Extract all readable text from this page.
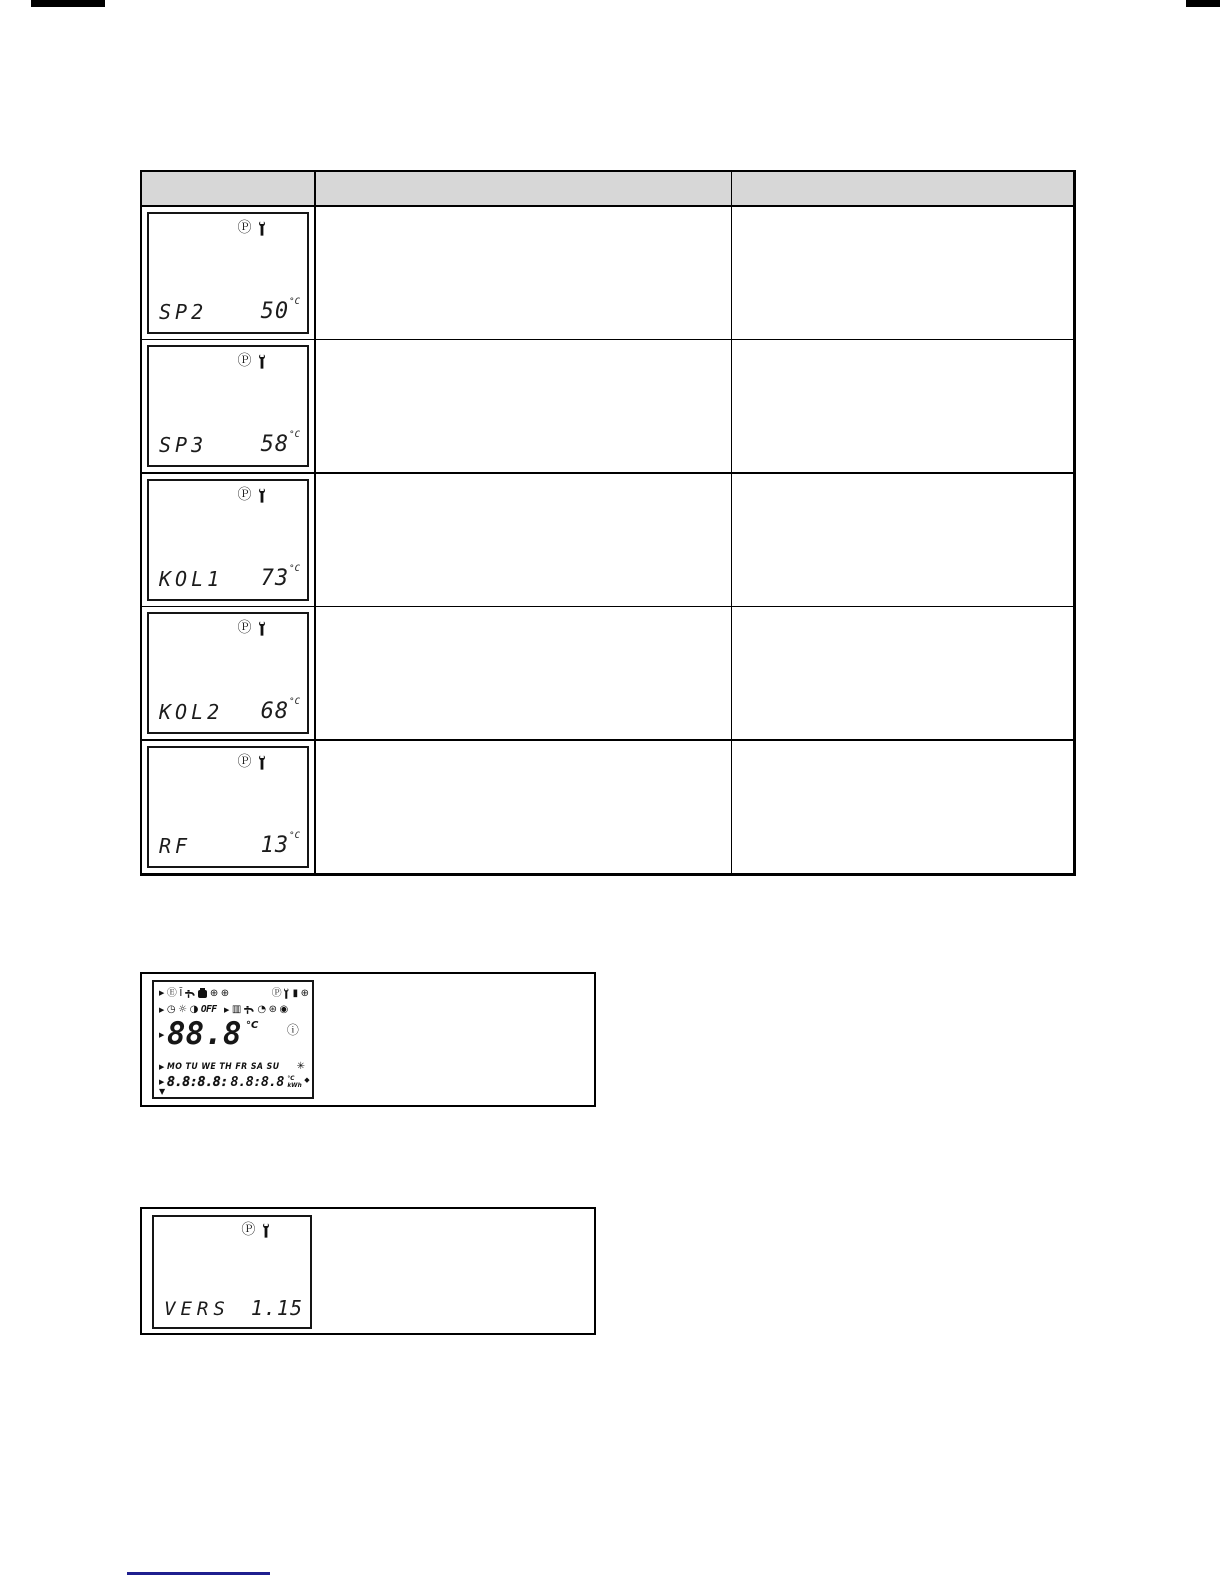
Ⓟ
SP2 $50^{^\circ C}$
Ⓟ
SP3 $58^{^\circ C}$
Ⓟ
KOL1 $73^{^\circ C}$
Ⓟ
KOL2 $68^{^\circ C}$
Ⓟ
RF	$13^{^\circ C}$
▶ Ⓔ Ī	⊕ ⊕	Ⓟ ▮ ⊕
▶ ◷ ☼ ◑ OFF ▶ ▥ ◔ ⊛ ◉
▶ 88.8 °C ⓘ
▶ MO TU WE TH FR SA SU ✳
▶ 8.8:8.8: 8.8:8.8 °C
kWh
◆
▼
Ⓟ
VERS 1.15
